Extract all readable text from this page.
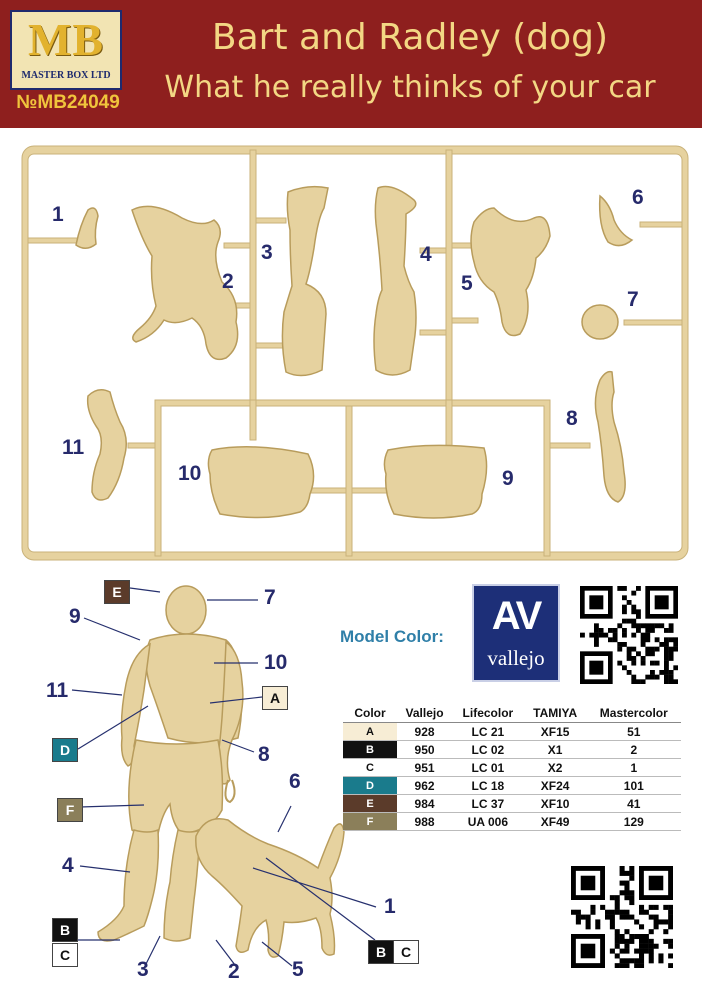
MB
MASTER BOX LTD
№MB24049
Bart and Radley (dog)
What he really thinks of your car
1
2
3	4
5
6
7
8
9
10
11
7
9
10
11
8
6
4
1
3	2 5
E
A
D
F
B
C	B	C
Model Color:	AV
vallejo
Color	Vallejo	Lifecolor	TAMIYA	Mastercolor
A	928	LC 21	XF15	51
B	950	LC 02	X1	2
C	951	LC 01	X2	1
D	962	LC 18	XF24	101
E	984	LC 37	XF10	41
F	988	UA 006	XF49	129
